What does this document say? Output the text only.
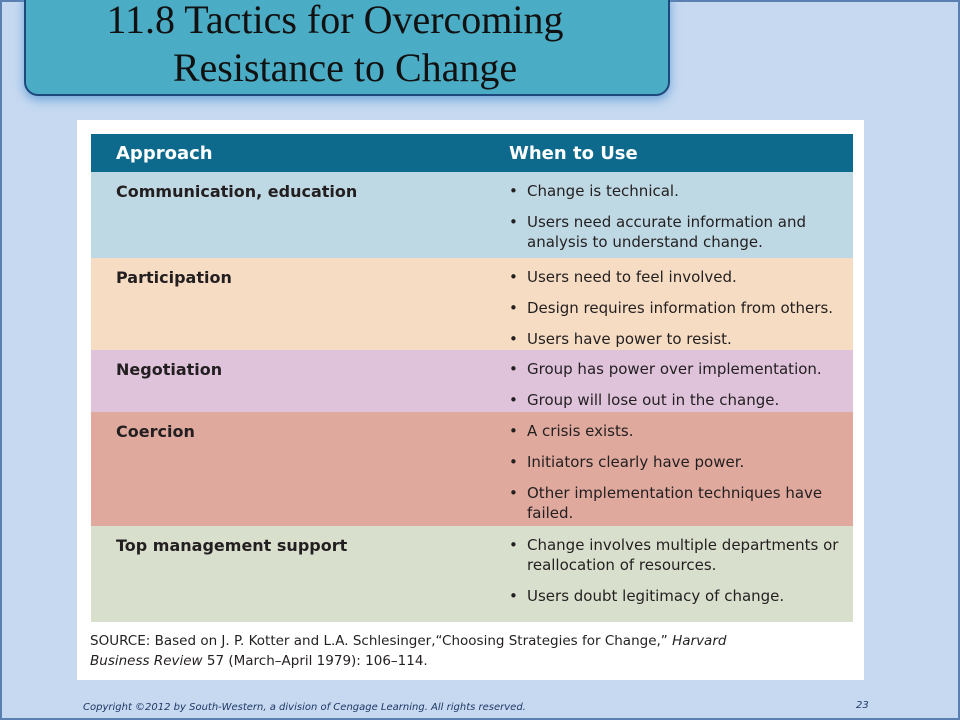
11.8 Tactics for Overcoming
Resistance to Change
Approach	When to Use
Communication, education	• Change is technical.
• Users need accurate information and analysis to understand change.
Participation	• Users need to feel involved.
• Design requires information from others.
• Users have power to resist.
Negotiation	• Group has power over implementation.
• Group will lose out in the change.
Coercion	• A crisis exists.
• Initiators clearly have power.
• Other implementation techniques have failed.
Top management support	• Change involves multiple departments or reallocation of resources.
• Users doubt legitimacy of change.
SOURCE: Based on J. P. Kotter and L.A. Schlesinger,“Choosing Strategies for Change,” Harvard Business Review 57 (March–April 1979): 106–114.
Copyright ©2012 by South-Western, a division of Cengage Learning. All rights reserved.	23
